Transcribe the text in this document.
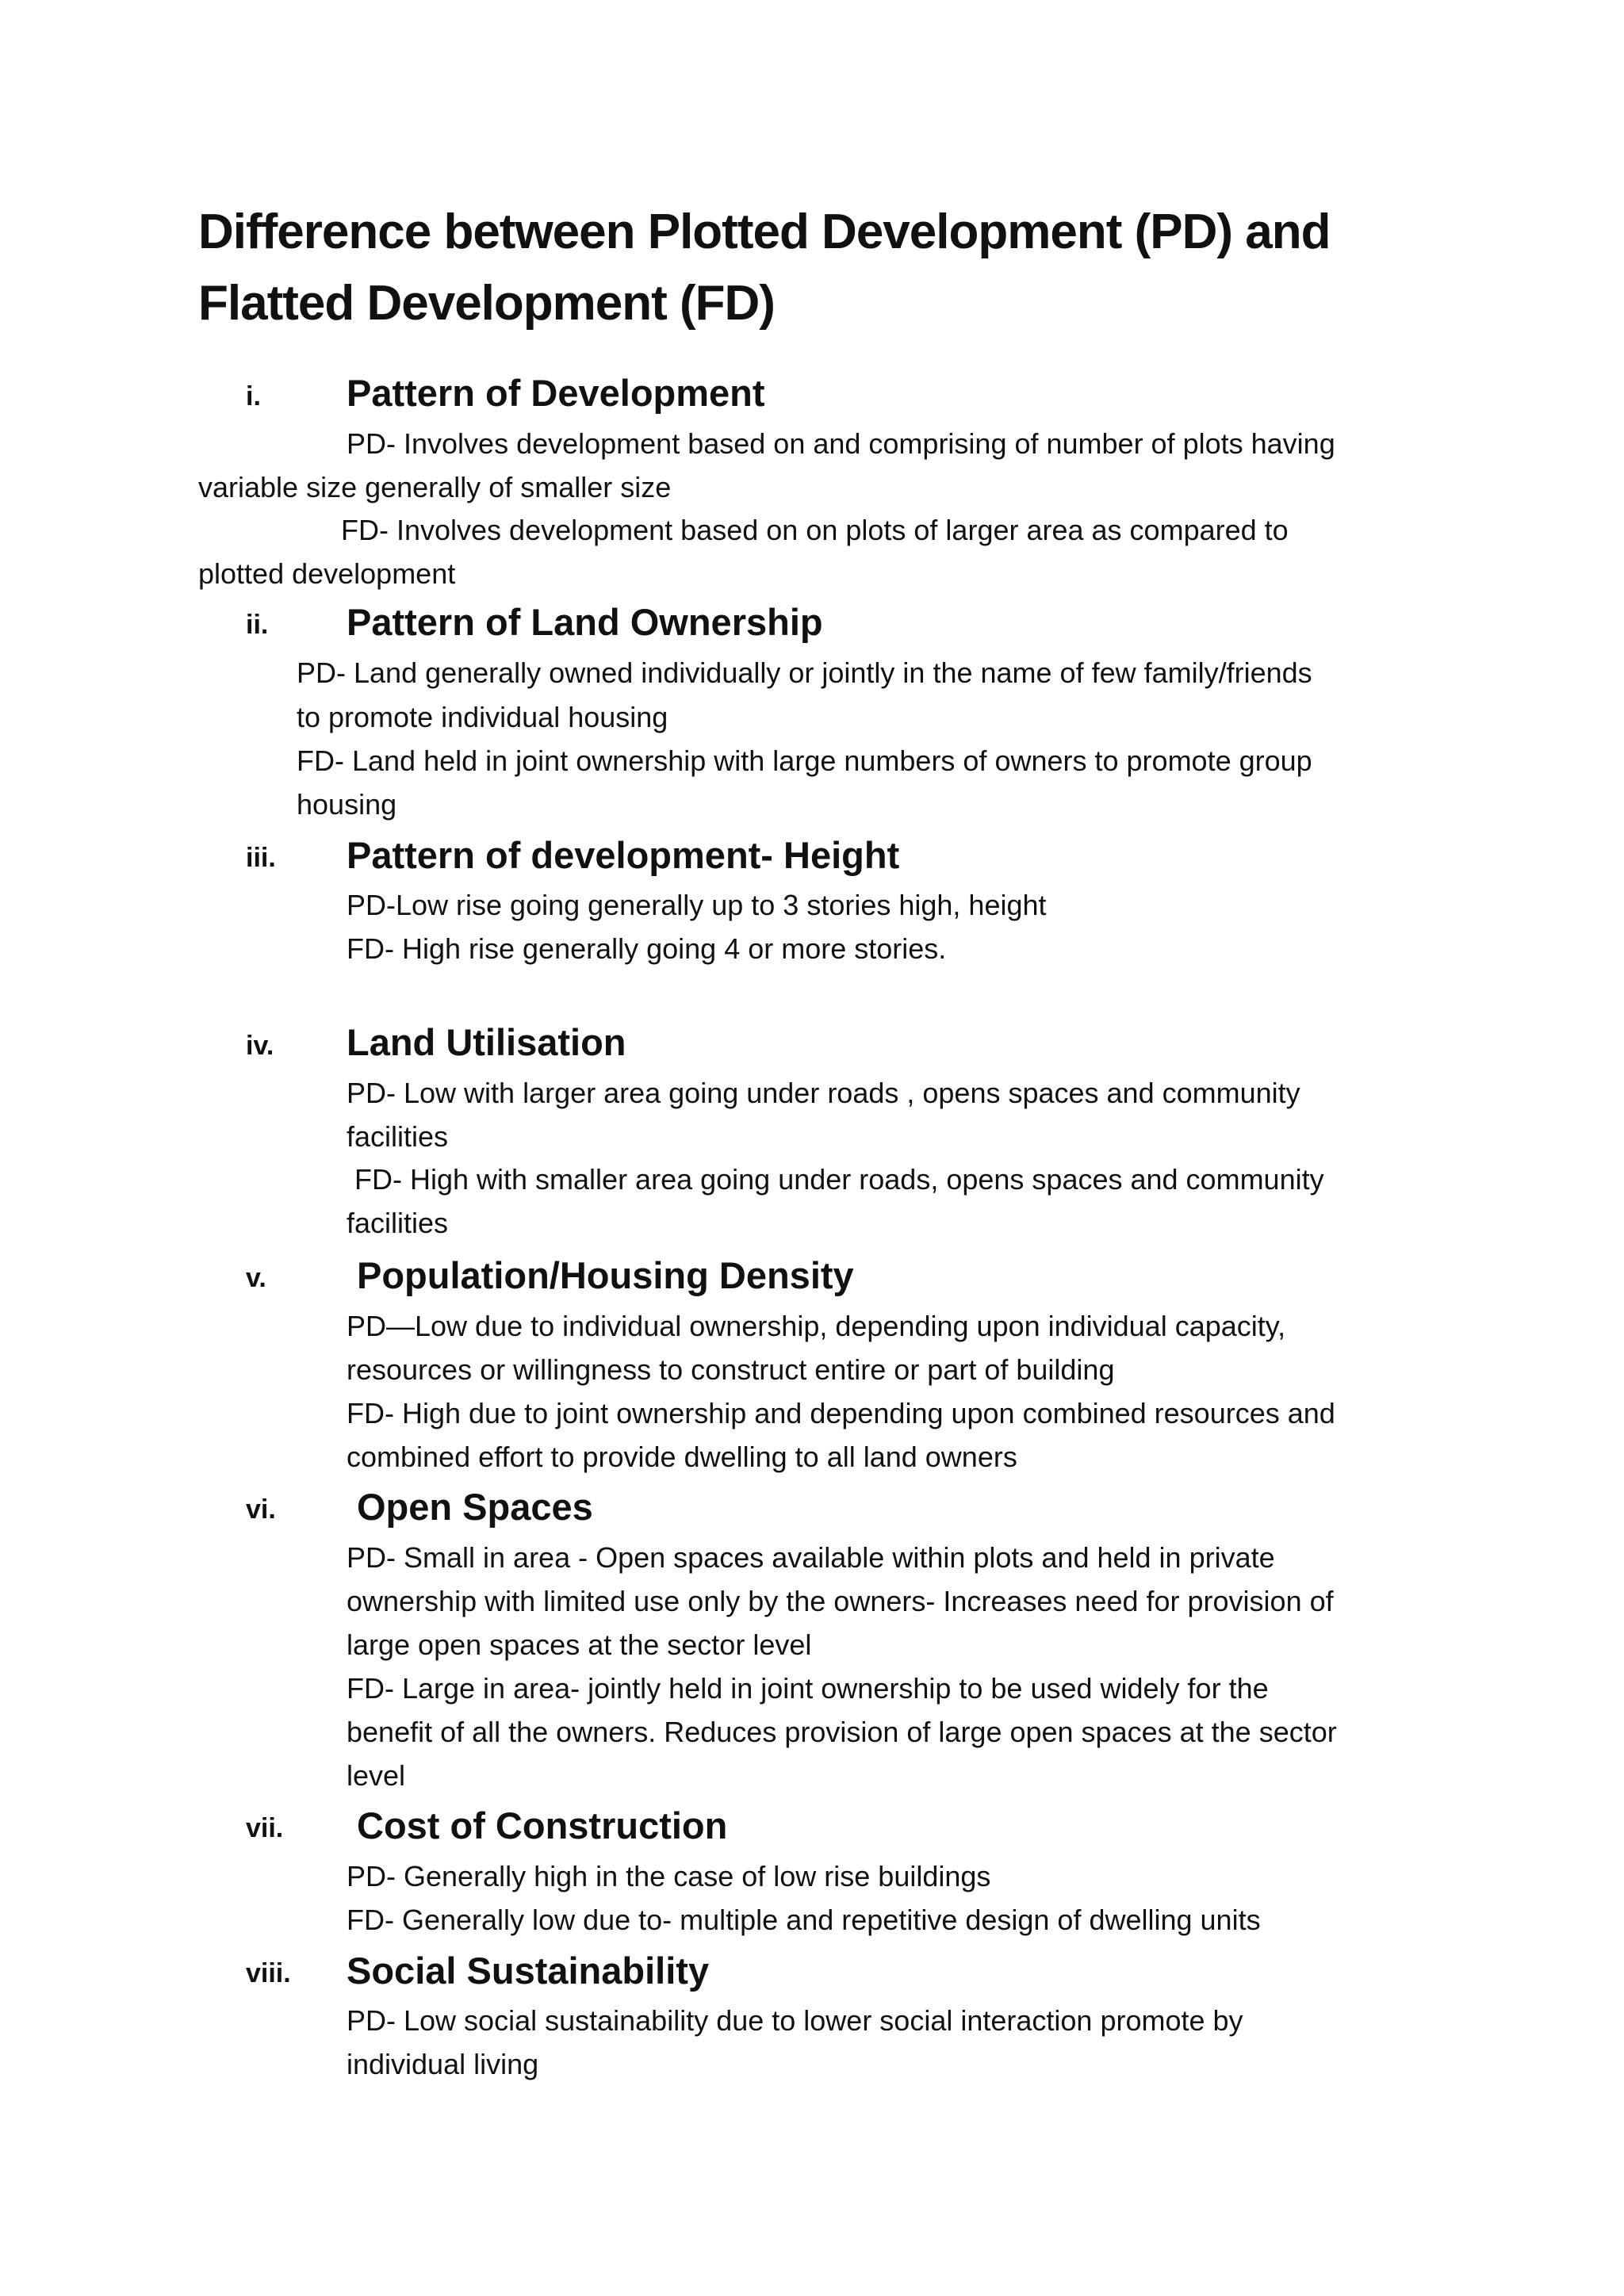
Difference between Plotted Development (PD) and Flatted Development (FD)
i. Pattern of Development
PD- Involves development based on and comprising of number of plots having
variable size generally of smaller size
FD- Involves development based on on plots of larger area as compared to
plotted development
ii. Pattern of Land Ownership
PD- Land generally owned individually or jointly in the name of few family/friends
to promote individual housing
FD- Land held in joint ownership with large numbers of owners to promote group
housing
iii. Pattern of development- Height
PD-Low rise going generally up to 3 stories high, height
FD- High rise generally going 4 or more stories.
iv. Land Utilisation
PD- Low with larger area going under roads , opens spaces and community
facilities
FD- High with smaller area going under roads, opens spaces and community
facilities
v. Population/Housing Density
PD—Low due to individual ownership, depending upon individual capacity,
resources or willingness to construct entire or part of building
FD- High due to joint ownership and depending upon combined resources and
combined effort to provide dwelling to all land owners
vi. Open Spaces
PD- Small in area - Open spaces available within plots and held in private
ownership with limited use only by the owners- Increases need for provision of
large open spaces at the sector level
FD- Large in area- jointly held in joint ownership to be used widely for the
benefit of all the owners. Reduces provision of large open spaces at the sector
level
vii. Cost of Construction
PD- Generally high in the case of low rise buildings
FD- Generally low due to- multiple and repetitive design of dwelling units
viii. Social Sustainability
PD- Low social sustainability due to lower social interaction promote by
individual living
